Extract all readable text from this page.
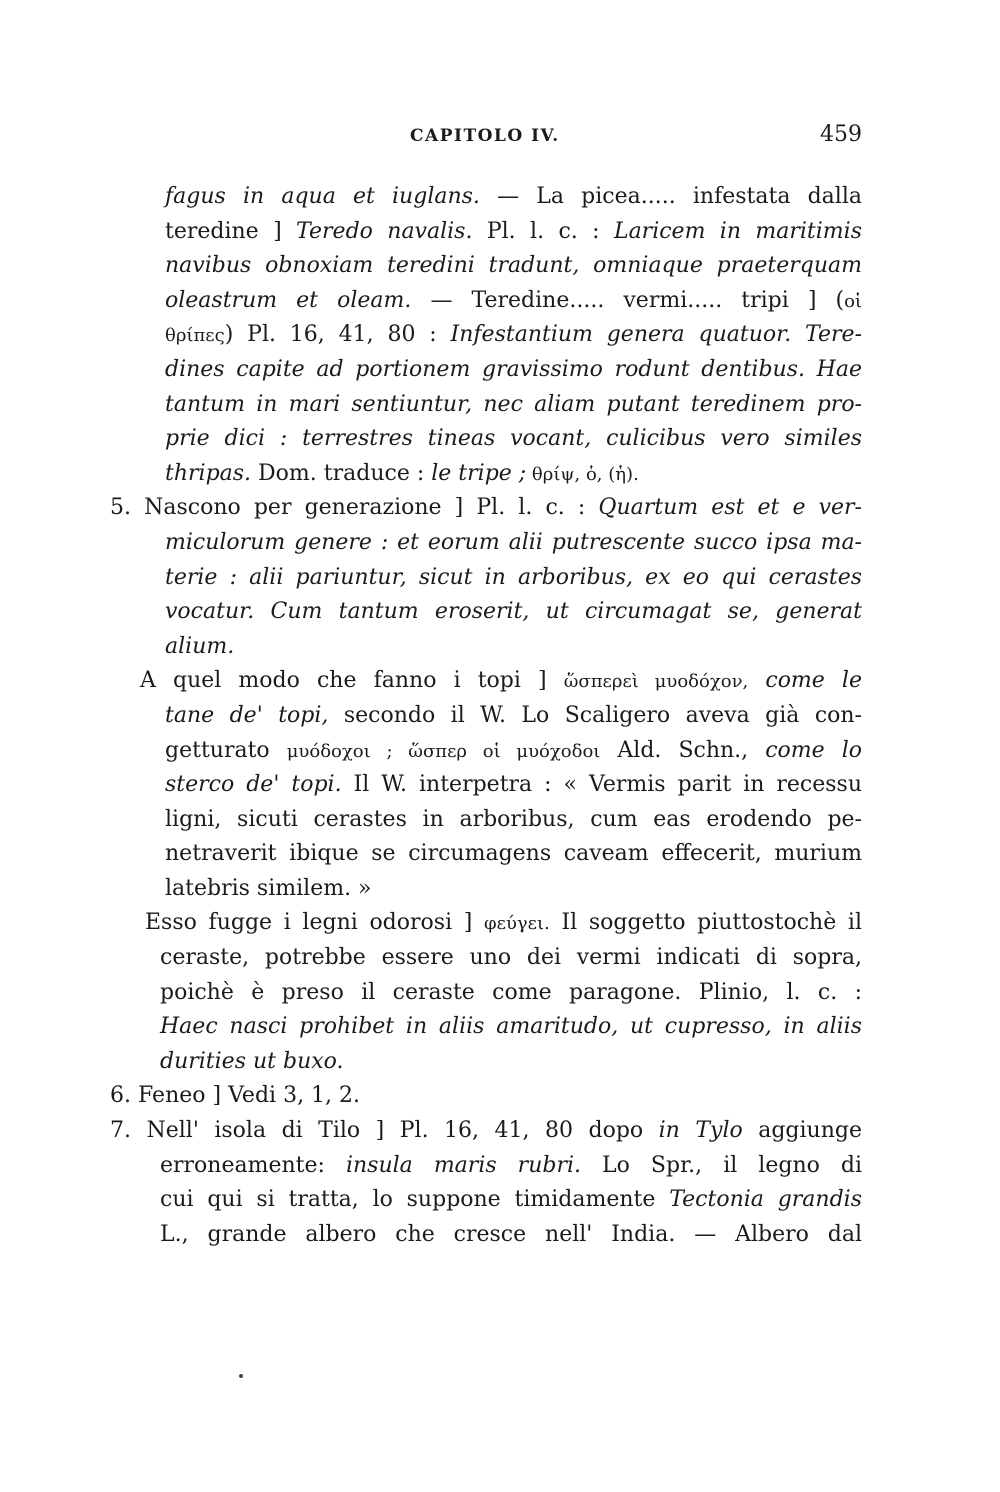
CAPITOLO IV.	459
fagus in aqua et iuglans. — La picea..... infestata dalla
teredine ] Teredo navalis. Pl. l. c. : Laricem in maritimis
navibus obnoxiam teredini tradunt, omniaque praeterquam
oleastrum et oleam. — Teredine..... vermi..... tripi ] (οἱ
θρίπες) Pl. 16, 41, 80 : Infestantium genera quatuor. Tere-
dines capite ad portionem gravissimo rodunt dentibus. Hae
tantum in mari sentiuntur, nec aliam putant teredinem pro-
prie dici : terrestres tineas vocant, culicibus vero similes
thripas. Dom. traduce : le tripe ; θρίψ, ὁ, (ἡ).
5. Nascono per generazione ] Pl. l. c. : Quartum est et e ver-
miculorum genere : et eorum alii putrescente succo ipsa ma-
terie : alii pariuntur, sicut in arboribus, ex eo qui cerastes
vocatur. Cum tantum eroserit, ut circumagat se, generat
alium.
A quel modo che fanno i topi ] ὥσπερεὶ μυοδόχον, come le
tane de' topi, secondo il W. Lo Scaligero aveva già con-
getturato μυόδοχοι ; ὥσπερ οἱ μυόχοδοι Ald. Schn., come lo
sterco de' topi. Il W. interpetra : « Vermis parit in recessu
ligni, sicuti cerastes in arboribus, cum eas erodendo pe-
netraverit ibique se circumagens caveam effecerit, murium
latebris similem. »
Esso fugge i legni odorosi ] φεύγει. Il soggetto piuttostochè il
ceraste, potrebbe essere uno dei vermi indicati di sopra,
poichè è preso il ceraste come paragone. Plinio, l. c. :
Haec nasci prohibet in aliis amaritudo, ut cupresso, in aliis
durities ut buxo.
6. Feneo ] Vedi 3, 1, 2.
7. Nell' isola di Tilo ] Pl. 16, 41, 80 dopo in Tylo aggiunge
erroneamente: insula maris rubri. Lo Spr., il legno di
cui qui si tratta, lo suppone timidamente Tectonia grandis
L., grande albero che cresce nell' India. — Albero dal
